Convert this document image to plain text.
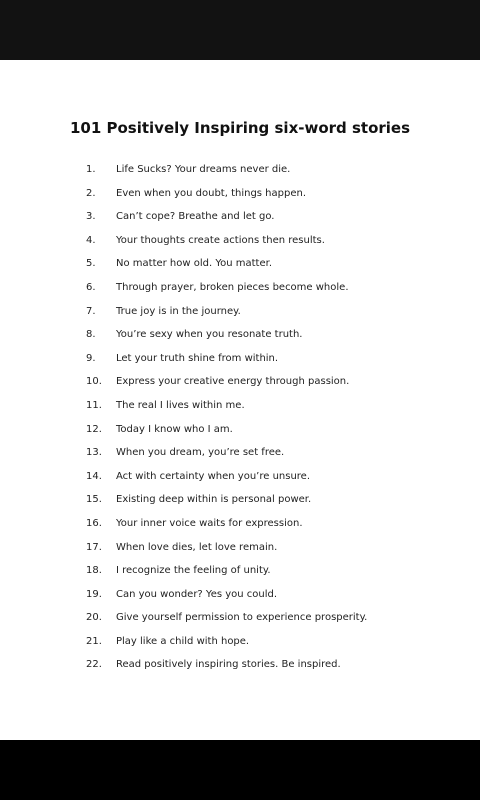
101 Positively Inspiring six-word stories
1. Life Sucks? Your dreams never die.
2. Even when you doubt, things happen.
3. Can’t cope? Breathe and let go.
4. Your thoughts create actions then results.
5. No matter how old. You matter.
6. Through prayer, broken pieces become whole.
7. True joy is in the journey.
8. You’re sexy when you resonate truth.
9. Let your truth shine from within.
10. Express your creative energy through passion.
11. The real I lives within me.
12. Today I know who I am.
13. When you dream, you’re set free.
14. Act with certainty when you’re unsure.
15. Existing deep within is personal power.
16. Your inner voice waits for expression.
17. When love dies, let love remain.
18. I recognize the feeling of unity.
19. Can you wonder? Yes you could.
20. Give yourself permission to experience prosperity.
21. Play like a child with hope.
22. Read positively inspiring stories. Be inspired.
